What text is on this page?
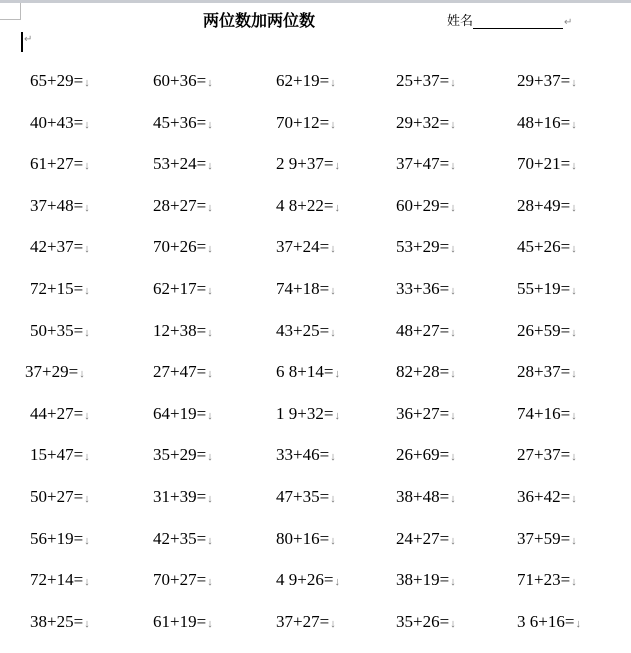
两位数加两位数	姓名	↵
↵
65+29=↓	60+36=↓	62+19=↓	25+37=↓	29+37=↓
40+43=↓	45+36=↓	70+12=↓	29+32=↓	48+16=↓
61+27=↓	53+24=↓	2 9+37=↓	37+47=↓	70+21=↓
37+48=↓	28+27=↓	4 8+22=↓	60+29=↓	28+49=↓
42+37=↓	70+26=↓	37+24=↓	53+29=↓	45+26=↓
72+15=↓	62+17=↓	74+18=↓	33+36=↓	55+19=↓
50+35=↓	12+38=↓	43+25=↓	48+27=↓	26+59=↓
37+29=↓	27+47=↓	6 8+14=↓	82+28=↓	28+37=↓
44+27=↓	64+19=↓	1 9+32=↓	36+27=↓	74+16=↓
15+47=↓	35+29=↓	33+46=↓	26+69=↓	27+37=↓
50+27=↓	31+39=↓	47+35=↓	38+48=↓	36+42=↓
56+19=↓	42+35=↓	80+16=↓	24+27=↓	37+59=↓
72+14=↓	70+27=↓	4 9+26=↓	38+19=↓	71+23=↓
38+25=↓	61+19=↓	37+27=↓	35+26=↓	3 6+16=↓
